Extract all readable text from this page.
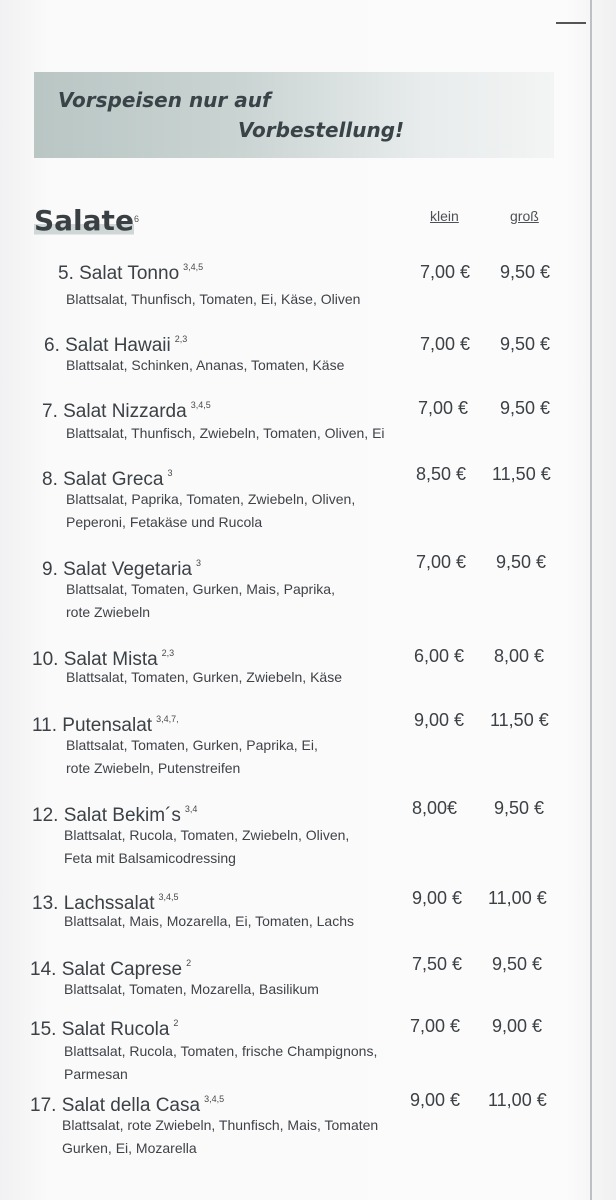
Vorspeisen nur auf
Vorbestellung!
Salate 6	klein	groß
5. Salat Tonno $^{3,4,5}$
Blattsalat, Thunfisch, Tomaten, Ei, Käse, Oliven
7,00 € 9,50 €
6. Salat Hawaii $^{2,3}$
Blattsalat, Schinken, Ananas, Tomaten, Käse
7,00 € 9,50 €
7. Salat Nizzarda $^{3,4,5}$
Blattsalat, Thunfisch, Zwiebeln, Tomaten, Oliven, Ei
7,00 € 9,50 €
8. Salat Greca $^3$
Blattsalat, Paprika, Tomaten, Zwiebeln, Oliven,
Peperoni, Fetakäse und Rucola
8,50 € 11,50 €
9. Salat Vegetaria $^3$
Blattsalat, Tomaten, Gurken, Mais, Paprika,
rote Zwiebeln
7,00 € 9,50 €
10. Salat Mista $^{2,3}$
Blattsalat, Tomaten, Gurken, Zwiebeln, Käse
6,00 € 8,00 €
11. Putensalat $^{3,4,7,}$
Blattsalat, Tomaten, Gurken, Paprika, Ei,
rote Zwiebeln, Putenstreifen
9,00 € 11,50 €
12. Salat Bekim´s $^{3,4}$
Blattsalat, Rucola, Tomaten, Zwiebeln, Oliven,
Feta mit Balsamicodressing
8,00€ 9,50 €
13. Lachssalat $^{3,4,5}$
Blattsalat, Mais, Mozarella, Ei, Tomaten, Lachs
9,00 € 11,00 €
14. Salat Caprese $^2$
Blattsalat, Tomaten, Mozarella, Basilikum
7,50 € 9,50 €
15. Salat Rucola $^2$
Blattsalat, Rucola, Tomaten, frische Champignons,
Parmesan
7,00 € 9,00 €
17. Salat della Casa $^{3,4,5}$
Blattsalat, rote Zwiebeln, Thunfisch, Mais, Tomaten
Gurken, Ei, Mozarella
9,00 € 11,00 €
